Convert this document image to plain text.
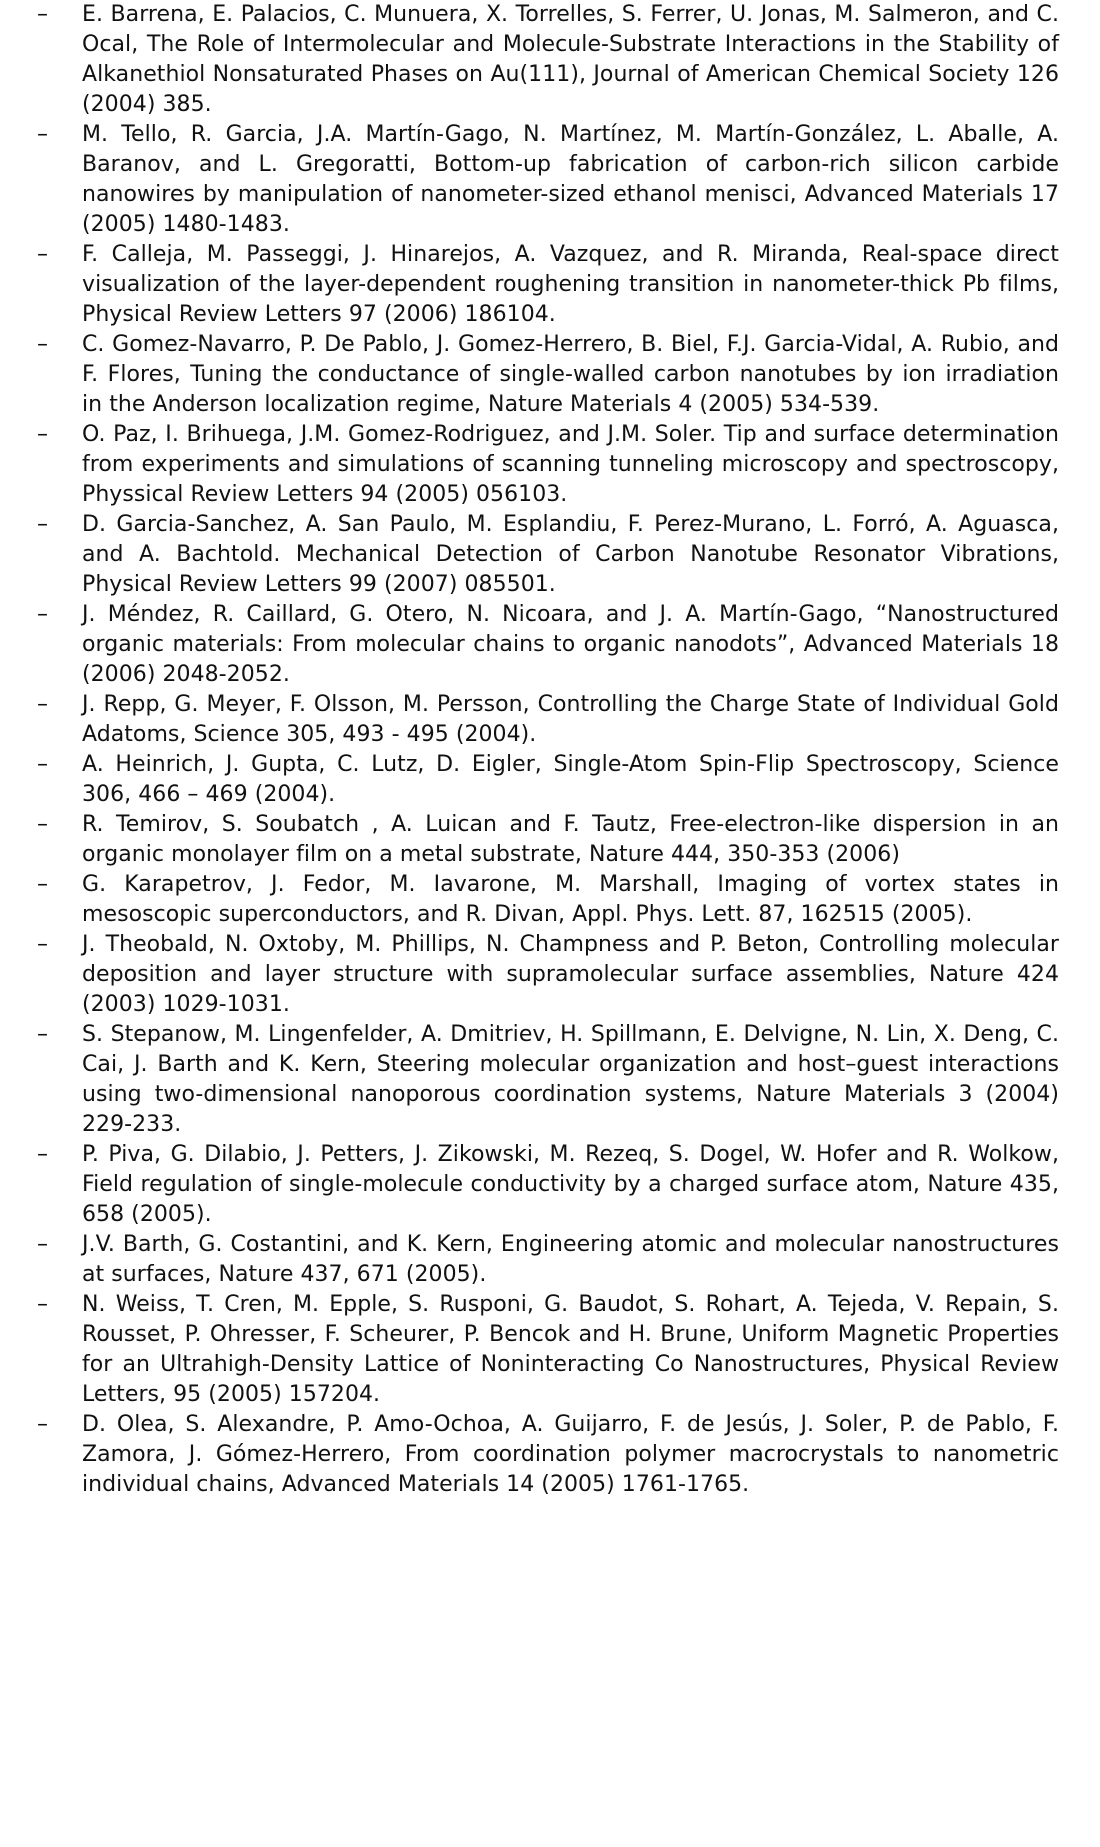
– E. Barrena, E. Palacios, C. Munuera, X. Torrelles, S. Ferrer, U. Jonas, M. Salmeron, and C. Ocal, The Role of Intermolecular and Molecule-Substrate Interactions in the Stability of Alkanethiol Nonsaturated Phases on Au(111), Journal of American Chemical Society 126 (2004) 385.
– M. Tello, R. Garcia, J.A. Martín-Gago, N. Martínez, M. Martín-González, L. Aballe, A. Baranov, and L. Gregoratti, Bottom-up fabrication of carbon-rich silicon carbide nanowires by manipulation of nanometer-sized ethanol menisci, Advanced Materials 17 (2005) 1480-1483.
– F. Calleja, M. Passeggi, J. Hinarejos, A. Vazquez, and R. Miranda, Real-space direct visualization of the layer-dependent roughening transition in nanometer-thick Pb films, Physical Review Letters 97 (2006) 186104.
– C. Gomez-Navarro, P. De Pablo, J. Gomez-Herrero, B. Biel, F.J. Garcia-Vidal, A. Rubio, and F. Flores, Tuning the conductance of single-walled carbon nanotubes by ion irradiation in the Anderson localization regime, Nature Materials 4 (2005) 534-539.
– O. Paz, I. Brihuega, J.M. Gomez-Rodriguez, and J.M. Soler. Tip and surface determination from experiments and simulations of scanning tunneling microscopy and spectroscopy, Physsical Review Letters 94 (2005) 056103.
– D. Garcia-Sanchez, A. San Paulo, M. Esplandiu, F. Perez-Murano, L. Forró, A. Aguasca, and A. Bachtold. Mechanical Detection of Carbon Nanotube Resonator Vibrations, Physical Review Letters 99 (2007) 085501.
– J. Méndez, R. Caillard, G. Otero, N. Nicoara, and J. A. Martín-Gago, “Nanostructured organic materials: From molecular chains to organic nanodots”, Advanced Materials 18 (2006) 2048-2052.
– J. Repp, G. Meyer, F. Olsson, M. Persson, Controlling the Charge State of Individual Gold Adatoms, Science 305, 493 - 495 (2004).
– A. Heinrich, J. Gupta, C. Lutz, D. Eigler, Single-Atom Spin-Flip Spectroscopy, Science 306, 466 – 469 (2004).
– R. Temirov, S. Soubatch , A. Luican and F. Tautz, Free-electron-like dispersion in an organic monolayer film on a metal substrate, Nature 444, 350-353 (2006)
– G. Karapetrov, J. Fedor, M. Iavarone, M. Marshall, Imaging of vortex states in mesoscopic superconductors, and R. Divan, Appl. Phys. Lett. 87, 162515 (2005).
– J. Theobald, N. Oxtoby, M. Phillips, N. Champness and P. Beton, Controlling molecular deposition and layer structure with supramolecular surface assemblies, Nature 424 (2003) 1029-1031.
– S. Stepanow, M. Lingenfelder, A. Dmitriev, H. Spillmann, E. Delvigne, N. Lin, X. Deng, C. Cai, J. Barth and K. Kern, Steering molecular organization and host–guest interactions using two-dimensional nanoporous coordination systems, Nature Materials 3 (2004) 229-233.
– P. Piva, G. Dilabio, J. Petters, J. Zikowski, M. Rezeq, S. Dogel, W. Hofer and R. Wolkow, Field regulation of single-molecule conductivity by a charged surface atom, Nature 435, 658 (2005).
– J.V. Barth, G. Costantini, and K. Kern, Engineering atomic and molecular nanostructures at surfaces, Nature 437, 671 (2005).
– N. Weiss, T. Cren, M. Epple, S. Rusponi, G. Baudot, S. Rohart, A. Tejeda, V. Repain, S. Rousset, P. Ohresser, F. Scheurer, P. Bencok and H. Brune, Uniform Magnetic Properties for an Ultrahigh-Density Lattice of Noninteracting Co Nanostructures, Physical Review Letters, 95 (2005) 157204.
– D. Olea, S. Alexandre, P. Amo-Ochoa, A. Guijarro, F. de Jesús, J. Soler, P. de Pablo, F. Zamora, J. Gómez-Herrero, From coordination polymer macrocrystals to nanometric individual chains, Advanced Materials 14 (2005) 1761-1765.
